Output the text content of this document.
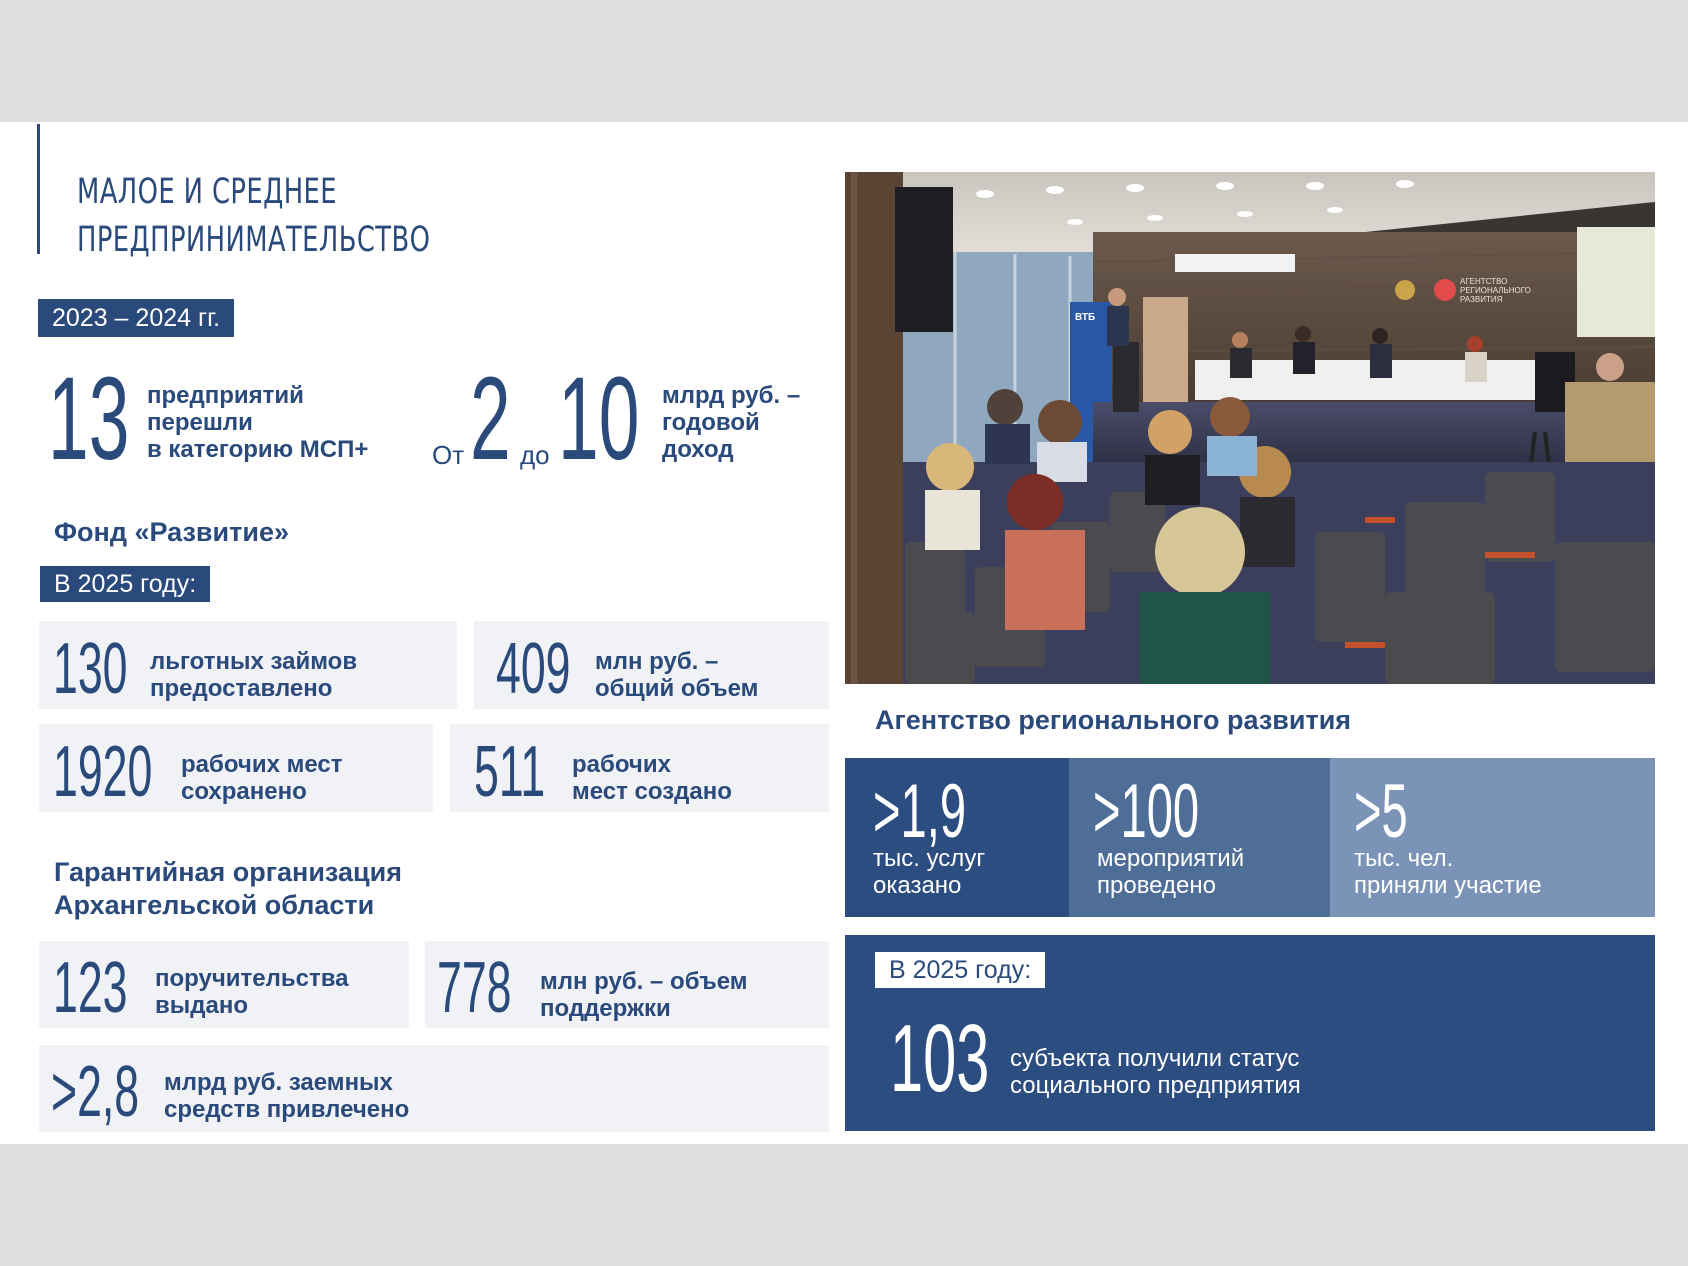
МАЛОЕ И СРЕДНЕЕ
ПРЕДПРИНИМАТЕЛЬСТВО
2023 – 2024 гг.
13 предприятий
перешли
в категорию МСП+ От 2 до 10 млрд руб. –
годовой
доход
Фонд «Развитие»
В 2025 году:
130 льготных займов
предоставлено	409 млн руб. –
общий объем
1920 рабочих мест
сохранено	511 рабочих
мест создано
Гарантийная организация
Архангельской области
123 поручительства
выдано	778 млн руб. – объем
поддержки
>2,8 млрд руб. заемных
средств привлечено
АГЕНТСТВО РЕГИОНАЛЬНОГО РАЗВИТИЯ
ВТБ
Агентство регионального развития
>1,9
тыс. услуг
оказано
>100
мероприятий
проведено
>5
тыс. чел.
приняли участие
В 2025 году:
103 субъекта получили статус
социального предприятия
